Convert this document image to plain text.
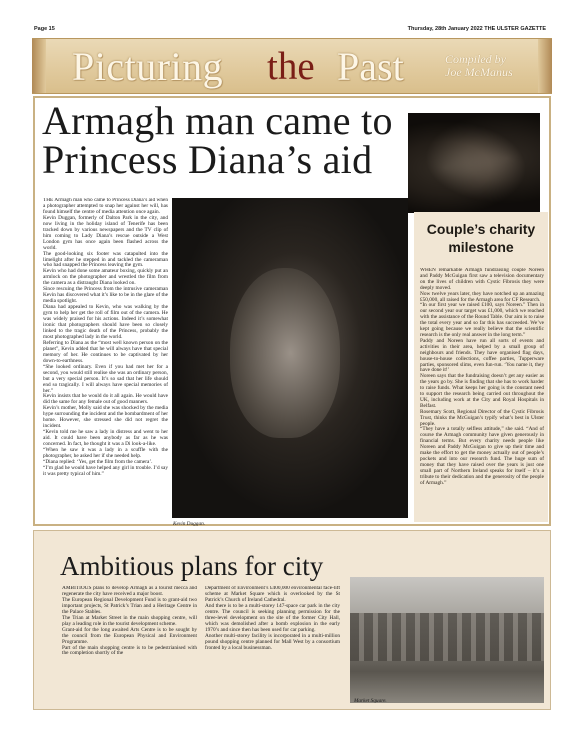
Page 15	Thursday, 28th January 2022 THE ULSTER GAZETTE
Picturing the Past	Compiled by
Joe McManus
Armagh man came to Princess Diana’s aid
Couple’s charity
milestone

WHEN remarkable Armagh fundraising couple Noreen and Paddy McGuigan first saw a television documentary on the lives of children with Cystic Fibrosis they were deeply moved.

Now twelve years later, they have notched up an amazing £50,000, all raised for the Armagh area for CF Research.

“In our first year we raised £100, says Noreen.” Then in our second year our target was £1,000, which we reached with the assistance of the Round Table. Our aim is to raise the total every year and so far this has succeeded. We’ve kept going because we really believe that the scientific research is the only real answer in the long term.”

Paddy and Noreen have run all sorts of events and activities in their area, helped by a small group of neighbours and friends. They have organised flag days, house-to-house collections, coffee parties, Tupperware parties, sponsored slims, even fun-run. ‘You name it, they have done it!’

Noreen says that the fundraising doesn’t get any easier as the years go by. She is finding that she has to work harder to raise funds. What keeps her going is the constant need to support the research being carried out throughout the UK, including work at the City and Royal Hospitals in Belfast.

Rosemary Scott, Regional Director of the Cystic Fibrosis Trust, thinks the McGuigan’s typify what’s best in Ulster people.

“They have a totally selfless attitude,” she said. “And of course the Armagh community have given generously in financial terms. But every charity needs people like Noreen and Paddy McGuigan to give up their time and make the effort to get the money actually out of people’s pockets and into our research fund. The huge sum of money that they have raised over the years is just one small part of Northern Ireland speaks for itself – it’s a tribute to their dedication and the generosity of the people of Armagh.”

THE Armagh man who came to Princess Diana’s aid when a photographer attempted to snap her against her will, has found himself the centre of media attention once again.

Kevin Duggan, formerly of Dalton Park in the city, and now living in the holiday island of Tenerife has been tracked down by various newspapers and the TV clip of him coming to Lady Diana’s rescue outside a West London gym has once again been flashed across the world.

The good-looking six footer was catapulted into the limelight after he stepped in and tackled the cameraman who had snapped the Princess leaving the gym.

Kevin who had done some amateur boxing, quickly put an armlock on the photographer and wrestled the film from the camera as a distraught Diana looked on.

Since rescuing the Princess from the intrusive cameraman Kevin has discovered what it’s like to be in the glare of the media spotlight.

Diana had appealed to Kevin, who was walking by the gym to help her get the roll of film out of the camera. He was widely praised for his actions. Indeed it’s somewhat ironic that photographers should have been so closely linked to the tragic death of the Princess, probably the most photographed lady in the world.

Referring to Diana as the “most well known person on the planet”, Kevin added that he will always have that special memory of her. He continues to be captivated by her down-to-earthness.

“She looked ordinary. Even if you had met her for a second, you would still realise she was an ordinary person, but a very special person. It’s so sad that her life should end so tragically. I will always have special memories of her.”

Kevin insists that he would do it all again. He would have did the same for any female out of good manners.

Kevin’s mother, Molly said she was shocked by the media hype surrounding the incident and the bombardment of her home. However, she stressed she did not regret the incident.

“Kevin told me he saw a lady in distress and went to her aid. It could have been anybody as far as he was concerned. In fact, he thought it was a Di look-a-like.

“When he saw it was a lady in a scuffle with the photographer, he asked her if she needed help.

“Diana replied: ‘Yes, get the film from the camera’.

“I’m glad he would have helped any girl in trouble. I’d say it was pretty typical of him.”

Kevin Duggan.
Ambitious plans for city

AMBITIOUS plans to develop Armagh as a tourist mecca and regenerate the city have received a major boost.

The European Regional Development Fund is to grant-aid two important projects, St Patrick’s Trian and a Heritage Centre in the Palace Stables.

The Trian at Market Street in the main shopping centre, will play a leading role in the tourist development scheme.

Grant-aid for the long awaited Arts Centre is to be sought by the council from the European Physical and Environment Programme.

Part of the main shopping centre is to be pedestrianised with the completion shortly of the

Department of Environment’s £400,000 environmental face-lift scheme at Market Square which is overlooked by the St Patrick’s Church of Ireland Cathedral.

And there is to be a multi-storey 147-space car park in the city centre. The council is seeking planning permission for the three-level development on the site of the former City Hall, which was demolished after a bomb explosion in the early 1970’s and since then has been used for car parking.

Another multi-storey facility is incorporated in a multi-million pound shopping centre planned for Mall West by a consortium fronted by a local businessman.

Market Square.
